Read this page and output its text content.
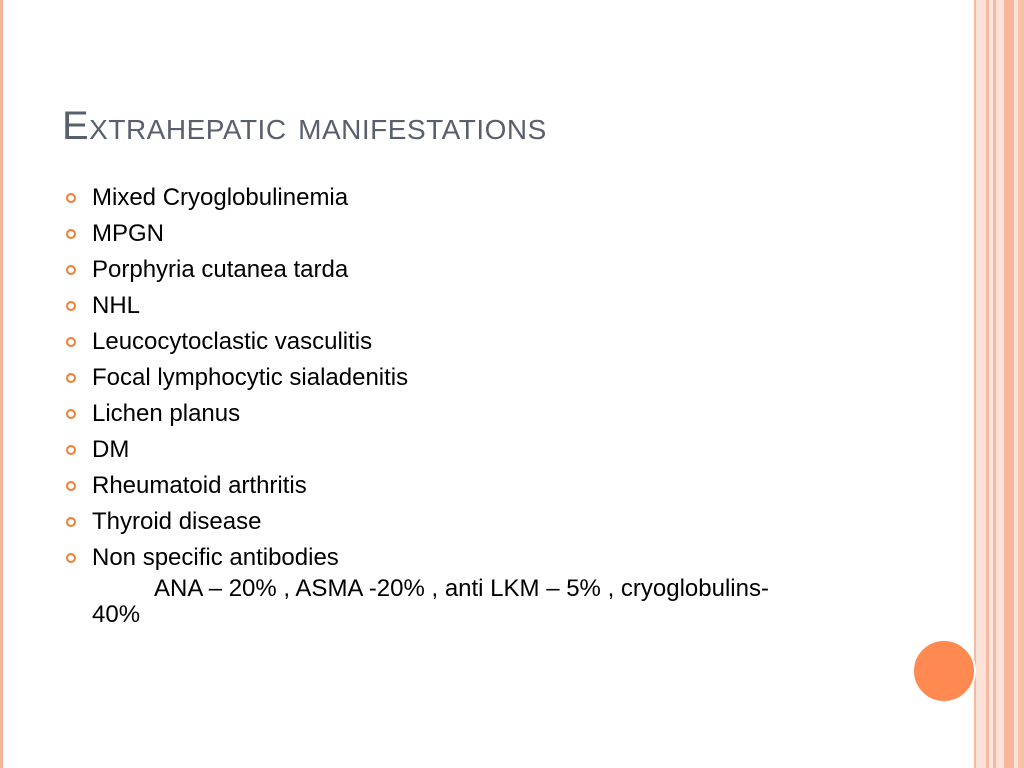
Extrahepatic manifestations
Mixed Cryoglobulinemia
MPGN
Porphyria cutanea tarda
NHL
Leucocytoclastic vasculitis
Focal lymphocytic sialadenitis
Lichen planus
DM
Rheumatoid arthritis
Thyroid disease
Non specific antibodies

ANA – 20% , ASMA -20% , anti LKM – 5% , cryoglobulins-40%
